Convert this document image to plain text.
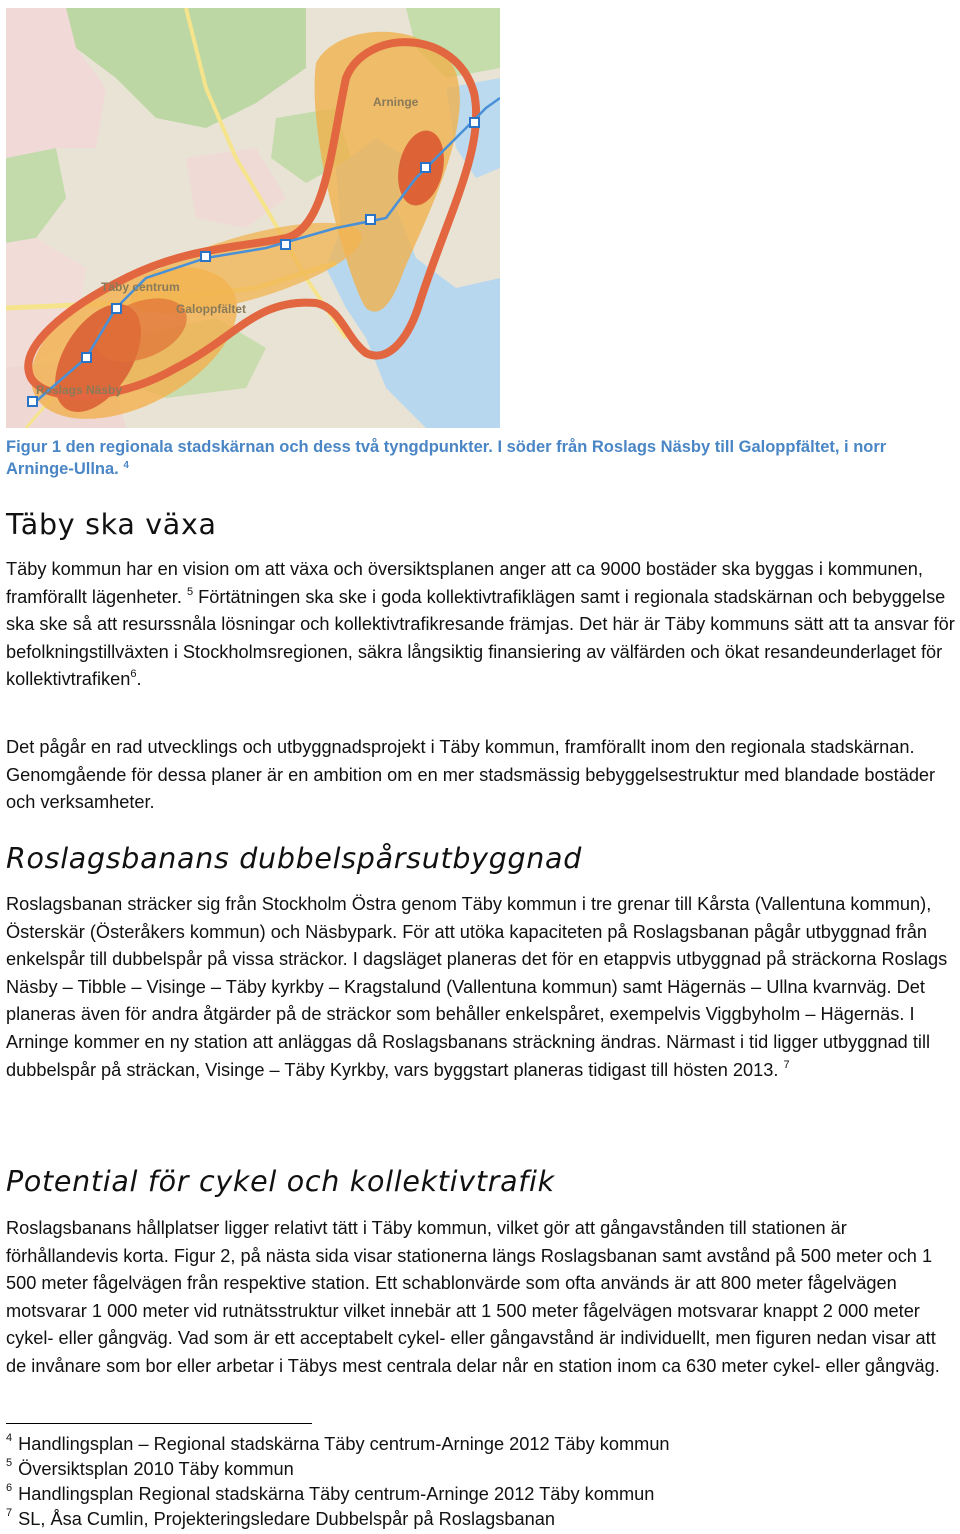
Arninge
Täby centrum
Galoppfältet
Roslags Näsby
Figur 1 den regionala stadskärnan och dess två tyngdpunkter. I söder från Roslags Näsby till Galoppfältet, i norr Arninge-Ullna. $^4$
Täby ska växa

Täby kommun har en vision om att växa och översiktsplanen anger att ca 9000 bostäder ska byggas i kommunen, framförallt lägenheter. $^5$ Förtätningen ska ske i goda kollektivtrafiklägen samt i regionala stadskärnan och bebyggelse ska ske så att resurssnåla lösningar och kollektivtrafikresande främjas. Det här är Täby kommuns sätt att ta ansvar för befolkningstillväxten i Stockholmsregionen, säkra långsiktig finansiering av välfärden och ökat resandeunderlaget för kollektivtrafiken$^6$.

Det pågår en rad utvecklings och utbyggnadsprojekt i Täby kommun, framförallt inom den regionala stadskärnan. Genomgående för dessa planer är en ambition om en mer stadsmässig bebyggelsestruktur med blandade bostäder och verksamheter.

Roslagsbanans dubbelspårsutbyggnad

Roslagsbanan sträcker sig från Stockholm Östra genom Täby kommun i tre grenar till Kårsta (Vallentuna kommun), Österskär (Österåkers kommun) och Näsbypark. För att utöka kapaciteten på Roslagsbanan pågår utbyggnad från enkelspår till dubbelspår på vissa sträckor. I dagsläget planeras det för en etappvis utbyggnad på sträckorna Roslags Näsby – Tibble – Visinge – Täby kyrkby – Kragstalund (Vallentuna kommun) samt Hägernäs – Ullna kvarnväg. Det planeras även för andra åtgärder på de sträckor som behåller enkelspåret, exempelvis Viggbyholm – Hägernäs. I Arninge kommer en ny station att anläggas då Roslagsbanans sträckning ändras. Närmast i tid ligger utbyggnad till dubbelspår på sträckan, Visinge – Täby Kyrkby, vars byggstart planeras tidigast till hösten 2013. $^7$

Potential för cykel och kollektivtrafik

Roslagsbanans hållplatser ligger relativt tätt i Täby kommun, vilket gör att gångavstånden till stationen är förhållandevis korta. Figur 2, på nästa sida visar stationerna längs Roslagsbanan samt avstånd på 500 meter och 1 500 meter fågelvägen från respektive station. Ett schablonvärde som ofta används är att 800 meter fågelvägen motsvarar 1 000 meter vid rutnätsstruktur vilket innebär att 1 500 meter fågelvägen motsvarar knappt 2 000 meter cykel- eller gångväg. Vad som är ett acceptabelt cykel- eller gångavstånd är individuellt, men figuren nedan visar att de invånare som bor eller arbetar i Täbys mest centrala delar når en station inom ca 630 meter cykel- eller gångväg.

$^4$ Handlingsplan – Regional stadskärna Täby centrum-Arninge 2012 Täby kommun
$^5$ Översiktsplan 2010 Täby kommun
$^6$ Handlingsplan Regional stadskärna Täby centrum-Arninge 2012 Täby kommun
$^7$ SL, Åsa Cumlin, Projekteringsledare Dubbelspår på Roslagsbanan
